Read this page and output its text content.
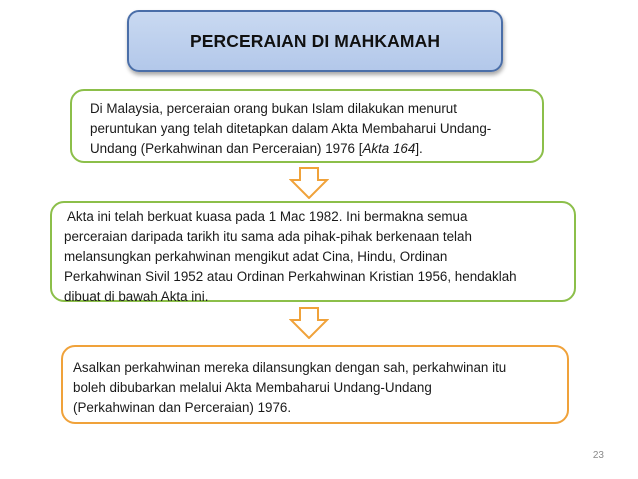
PERCERAIAN DI MAHKAMAH
Di Malaysia, perceraian orang bukan Islam dilakukan menurut
peruntukan yang telah ditetapkan dalam Akta Membaharui Undang-
Undang (Perkahwinan dan Perceraian) 1976 [Akta 164].
Akta ini telah berkuat kuasa pada 1 Mac 1982. Ini bermakna semua
perceraian daripada tarikh itu sama ada pihak-pihak berkenaan telah
melansungkan perkahwinan mengikut adat Cina, Hindu, Ordinan
Perkahwinan Sivil 1952 atau Ordinan Perkahwinan Kristian 1956, hendaklah
dibuat di bawah Akta ini.
Asalkan perkahwinan mereka dilansungkan dengan sah, perkahwinan itu
boleh dibubarkan melalui Akta Membaharui Undang-Undang
(Perkahwinan dan Perceraian) 1976.
23
